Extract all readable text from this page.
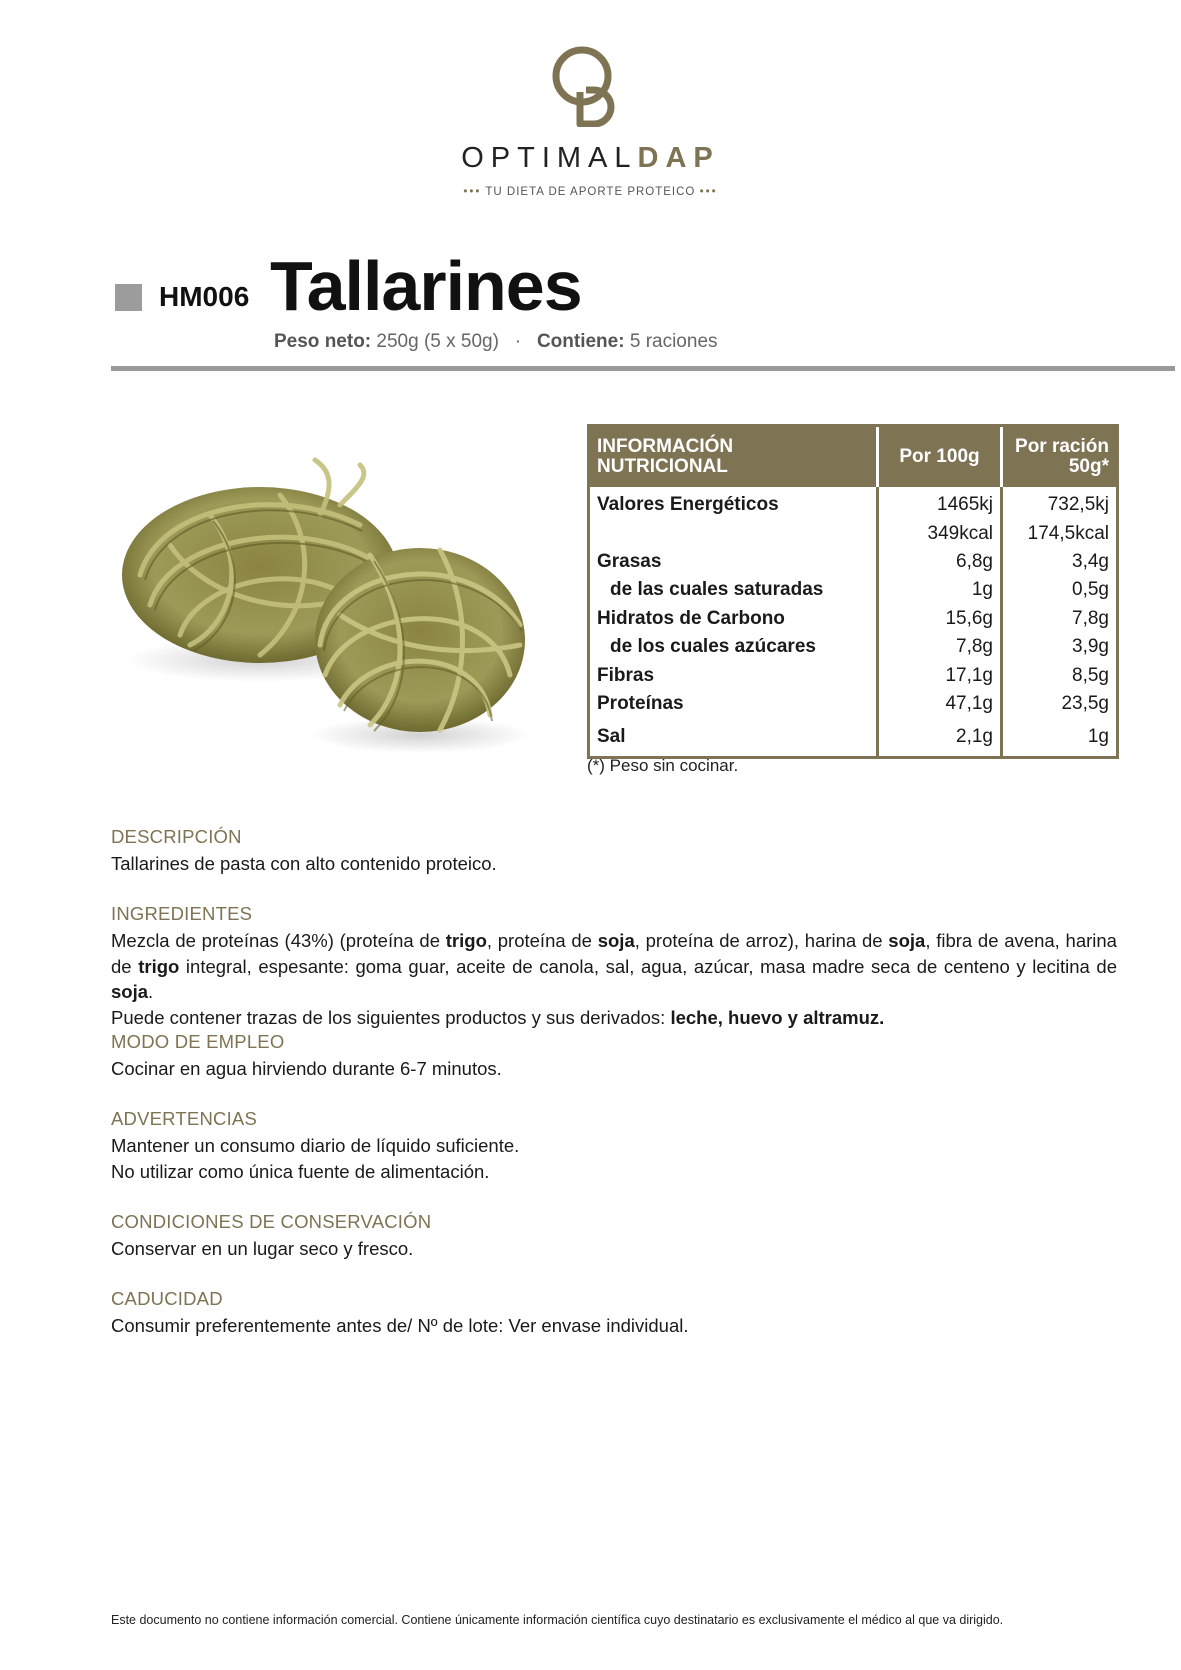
OPTIMALDAP
••• TU DIETA DE APORTE PROTEICO •••
HM006 Tallarines
Peso neto: 250g (5 x 50g) · Contiene: 5 raciones
INFORMACIÓN NUTRICIONAL	Por 100g	Por ración
50g*
Valores Energéticos	1465kj	732,5kj
	349kcal	174,5kcal
Grasas	6,8g	3,4g
de las cuales saturadas	1g	0,5g
Hidratos de Carbono	15,6g	7,8g
de los cuales azúcares	7,8g	3,9g
Fibras	17,1g	8,5g
Proteínas	47,1g	23,5g
Sal	2,1g	1g
(*) Peso sin cocinar.
DESCRIPCIÓN

Tallarines de pasta con alto contenido proteico.

INGREDIENTES

Mezcla de proteínas (43%) (proteína de trigo, proteína de soja, proteína de arroz), harina de soja, fibra de avena, harina de trigo integral, espesante: goma guar, aceite de canola, sal, agua, azúcar, masa madre seca de centeno y lecitina de soja.
Puede contener trazas de los siguientes productos y sus derivados: leche, huevo y altramuz.

MODO DE EMPLEO

Cocinar en agua hirviendo durante 6-7 minutos.

ADVERTENCIAS

Mantener un consumo diario de líquido suficiente.
No utilizar como única fuente de alimentación.

CONDICIONES DE CONSERVACIÓN

Conservar en un lugar seco y fresco.

CADUCIDAD

Consumir preferentemente antes de/ Nº de lote: Ver envase individual.

Este documento no contiene información comercial. Contiene únicamente información científica cuyo destinatario es exclusivamente el médico al que va dirigido.
